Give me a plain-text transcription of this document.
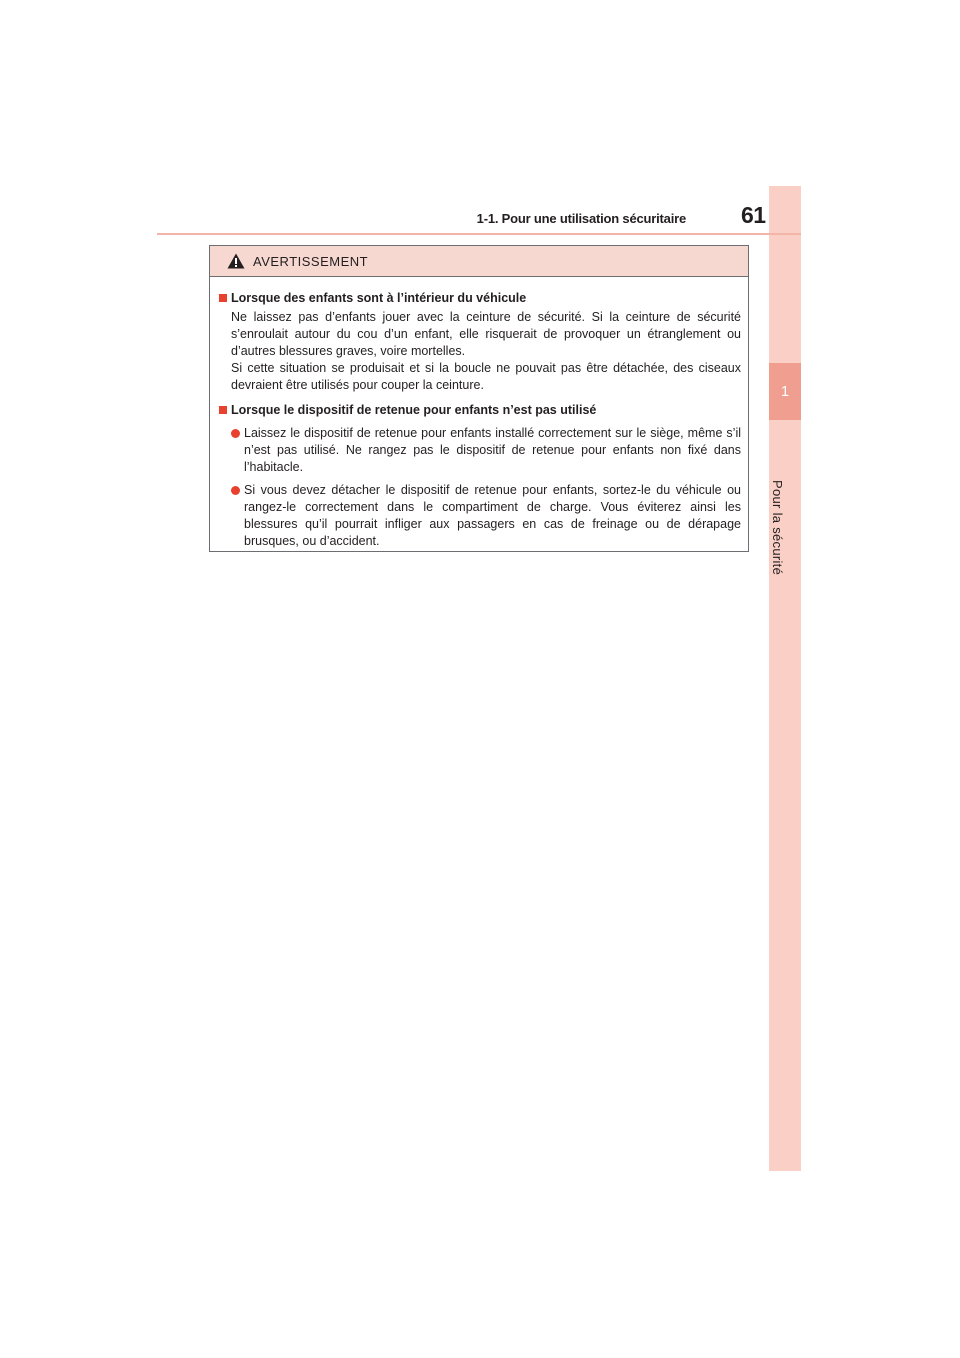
1
Pour la sécurité
1-1. Pour une utilisation sécuritaire 61
AVERTISSEMENT
Lorsque des enfants sont à l’intérieur du véhicule

Ne laissez pas d’enfants jouer avec la ceinture de sécurité. Si la ceinture de sécurité s’enroulait autour du cou d’un enfant, elle risquerait de provoquer un étranglement ou d’autres blessures graves, voire mortelles.

Si cette situation se produisait et si la boucle ne pouvait pas être détachée, des ciseaux devraient être utilisés pour couper la ceinture.

Lorsque le dispositif de retenue pour enfants n’est pas utilisé
Laissez le dispositif de retenue pour enfants installé correctement sur le siège, même s’il n’est pas utilisé. Ne rangez pas le dispositif de retenue pour enfants non fixé dans l’habitacle.
Si vous devez détacher le dispositif de retenue pour enfants, sortez-le du véhicule ou rangez-le correctement dans le compartiment de charge. Vous éviterez ainsi les blessures qu’il pourrait infliger aux passagers en cas de freinage ou de dérapage brusques, ou d’accident.
